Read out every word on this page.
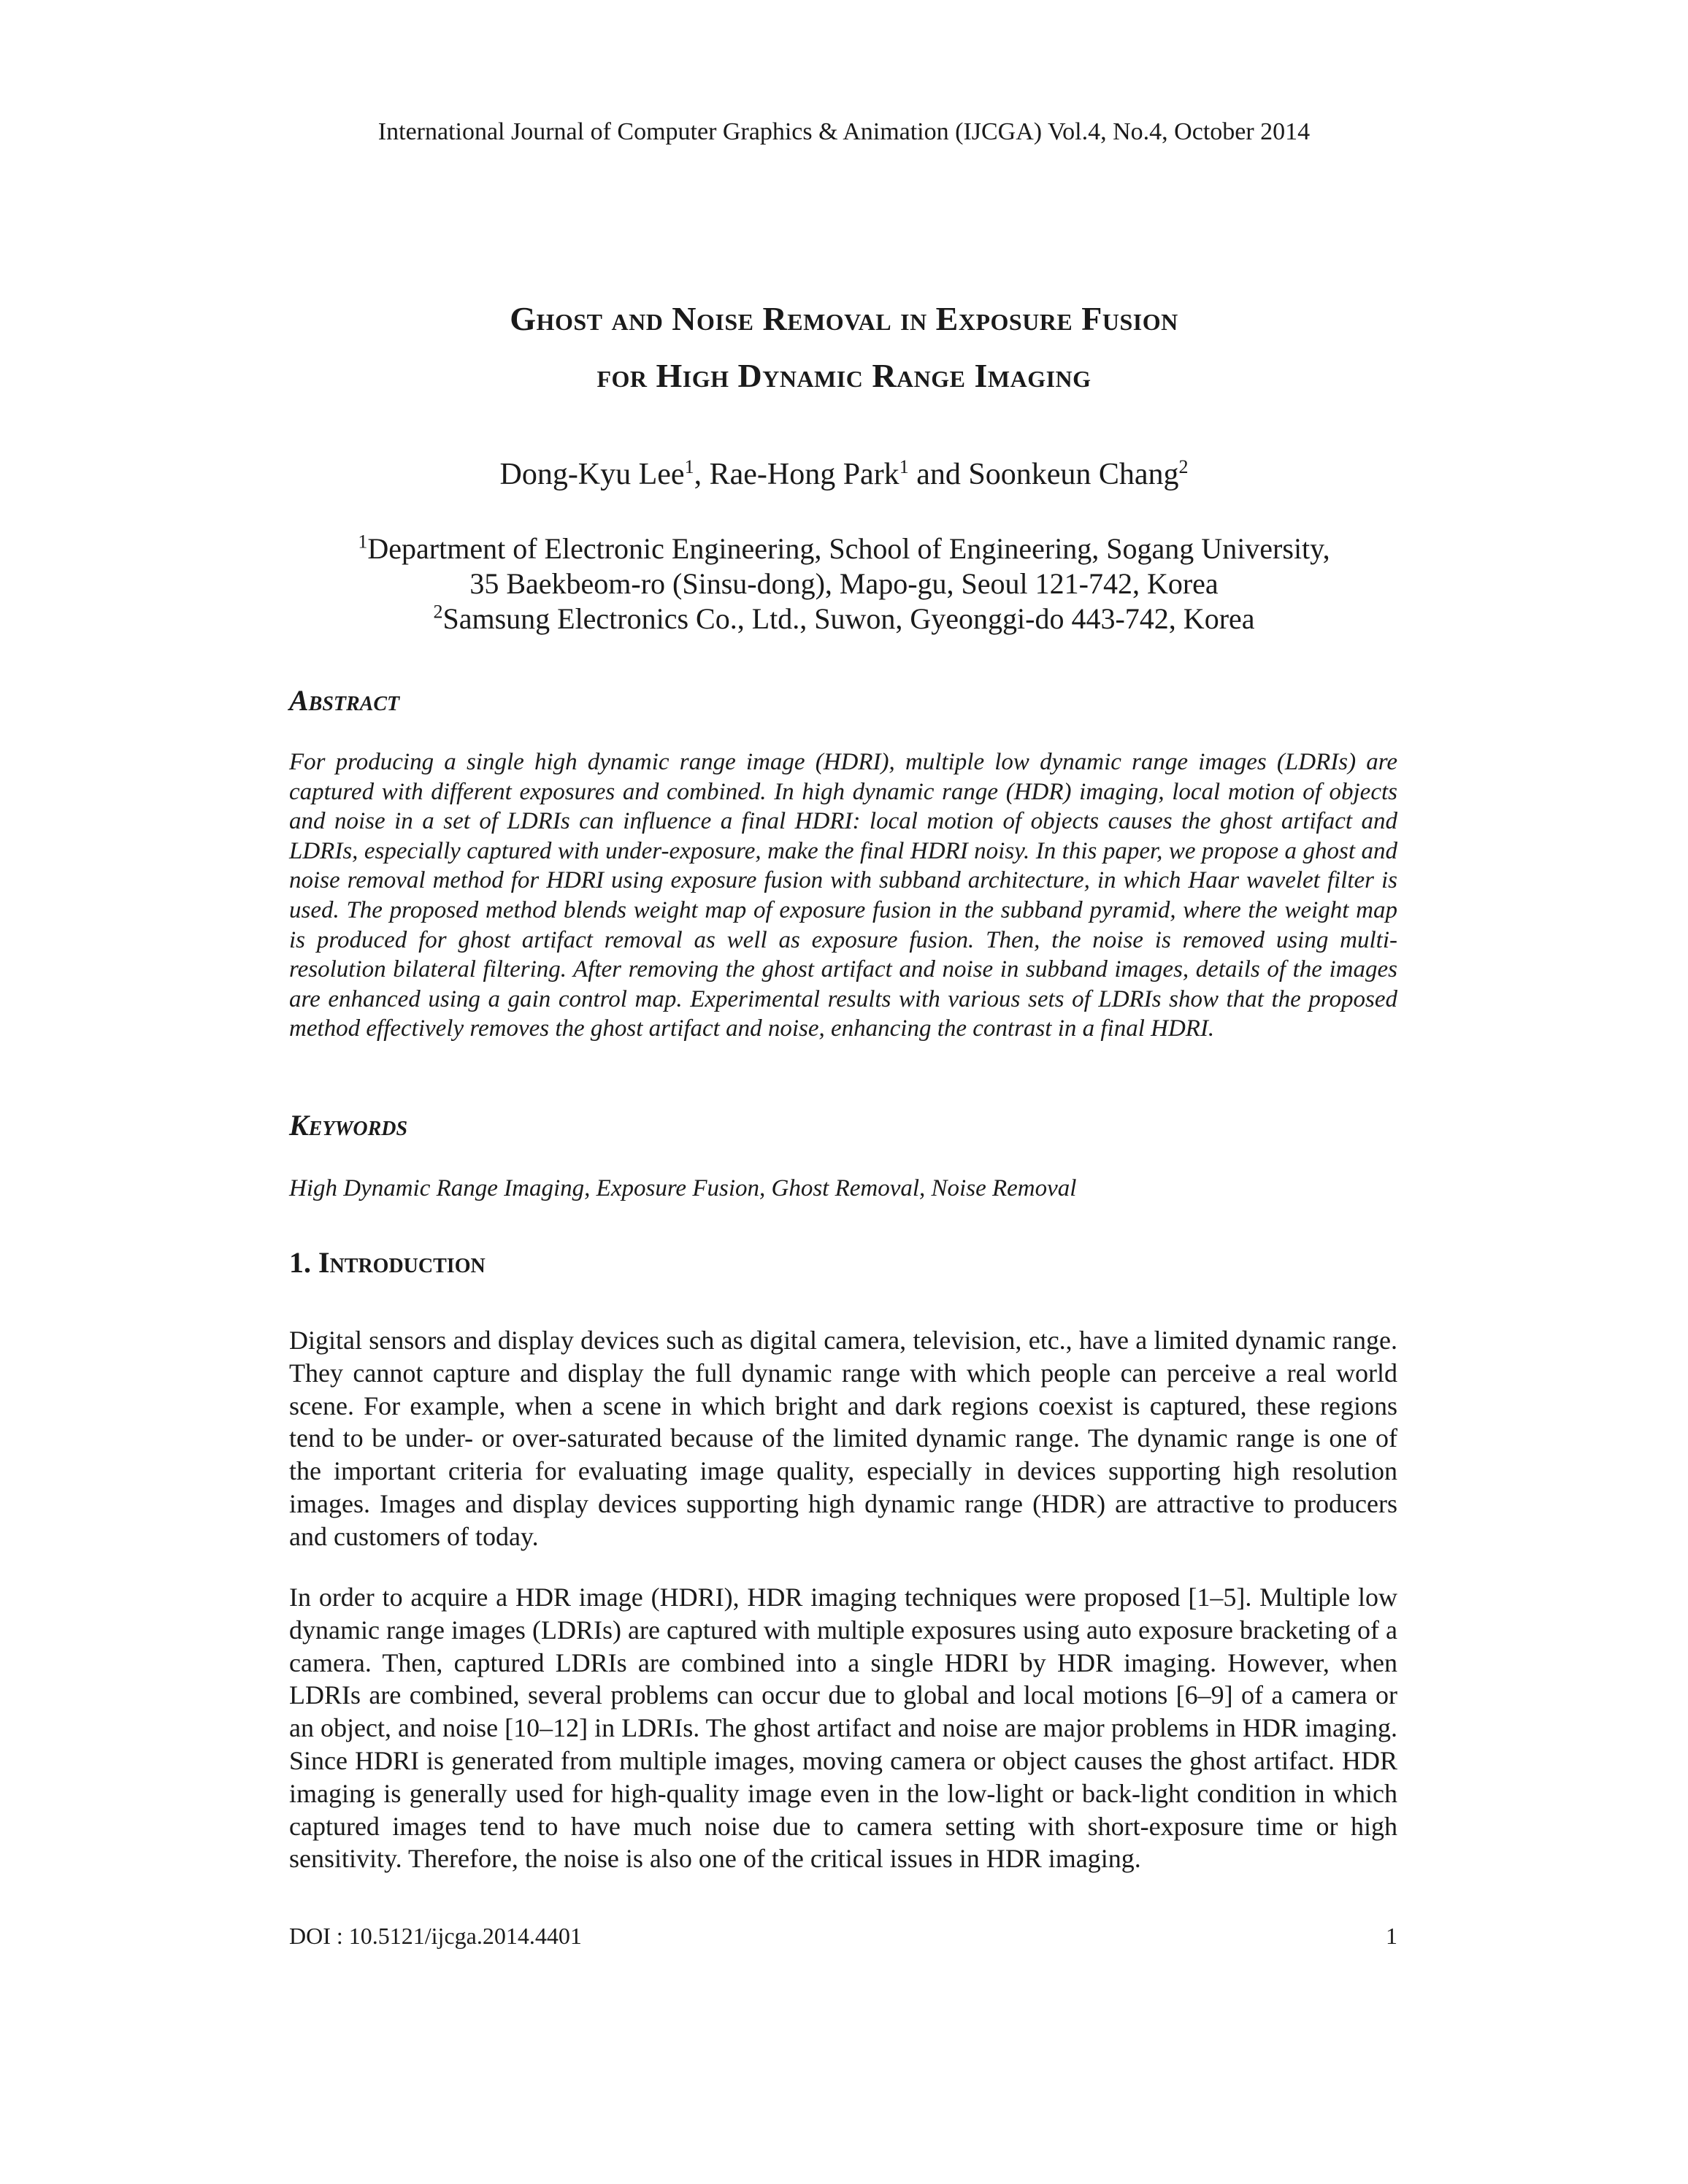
International Journal of Computer Graphics & Animation (IJCGA) Vol.4, No.4, October 2014
Ghost and Noise Removal in Exposure Fusion
for High Dynamic Range Imaging
Dong-Kyu Lee$^1$, Rae-Hong Park$^1$ and Soonkeun Chang$^2$
$^1$Department of Electronic Engineering, School of Engineering, Sogang University,
35 Baekbeom-ro (Sinsu-dong), Mapo-gu, Seoul 121-742, Korea
$^2$Samsung Electronics Co., Ltd., Suwon, Gyeonggi-do 443-742, Korea
Abstract
For producing a single high dynamic range image (HDRI), multiple low dynamic range images (LDRIs) are captured with different exposures and combined. In high dynamic range (HDR) imaging, local motion of objects and noise in a set of LDRIs can influence a final HDRI: local motion of objects causes the ghost artifact and LDRIs, especially captured with under-exposure, make the final HDRI noisy. In this paper, we propose a ghost and noise removal method for HDRI using exposure fusion with subband architecture, in which Haar wavelet filter is used. The proposed method blends weight map of exposure fusion in the subband pyramid, where the weight map is produced for ghost artifact removal as well as exposure fusion. Then, the noise is removed using multi-resolution bilateral filtering. After removing the ghost artifact and noise in subband images, details of the images are enhanced using a gain control map. Experimental results with various sets of LDRIs show that the proposed method effectively removes the ghost artifact and noise, enhancing the contrast in a final HDRI.
Keywords
High Dynamic Range Imaging, Exposure Fusion, Ghost Removal, Noise Removal
1. Introduction
Digital sensors and display devices such as digital camera, television, etc., have a limited dynamic range. They cannot capture and display the full dynamic range with which people can perceive a real world scene. For example, when a scene in which bright and dark regions coexist is captured, these regions tend to be under- or over-saturated because of the limited dynamic range. The dynamic range is one of the important criteria for evaluating image quality, especially in devices supporting high resolution images. Images and display devices supporting high dynamic range (HDR) are attractive to producers and customers of today.
In order to acquire a HDR image (HDRI), HDR imaging techniques were proposed [1–5]. Multiple low dynamic range images (LDRIs) are captured with multiple exposures using auto exposure bracketing of a camera. Then, captured LDRIs are combined into a single HDRI by HDR imaging. However, when LDRIs are combined, several problems can occur due to global and local motions [6–9] of a camera or an object, and noise [10–12] in LDRIs. The ghost artifact and noise are major problems in HDR imaging. Since HDRI is generated from multiple images, moving camera or object causes the ghost artifact. HDR imaging is generally used for high-quality image even in the low-light or back-light condition in which captured images tend to have much noise due to camera setting with short-exposure time or high sensitivity. Therefore, the noise is also one of the critical issues in HDR imaging.
DOI : 10.5121/ijcga.2014.4401	1
